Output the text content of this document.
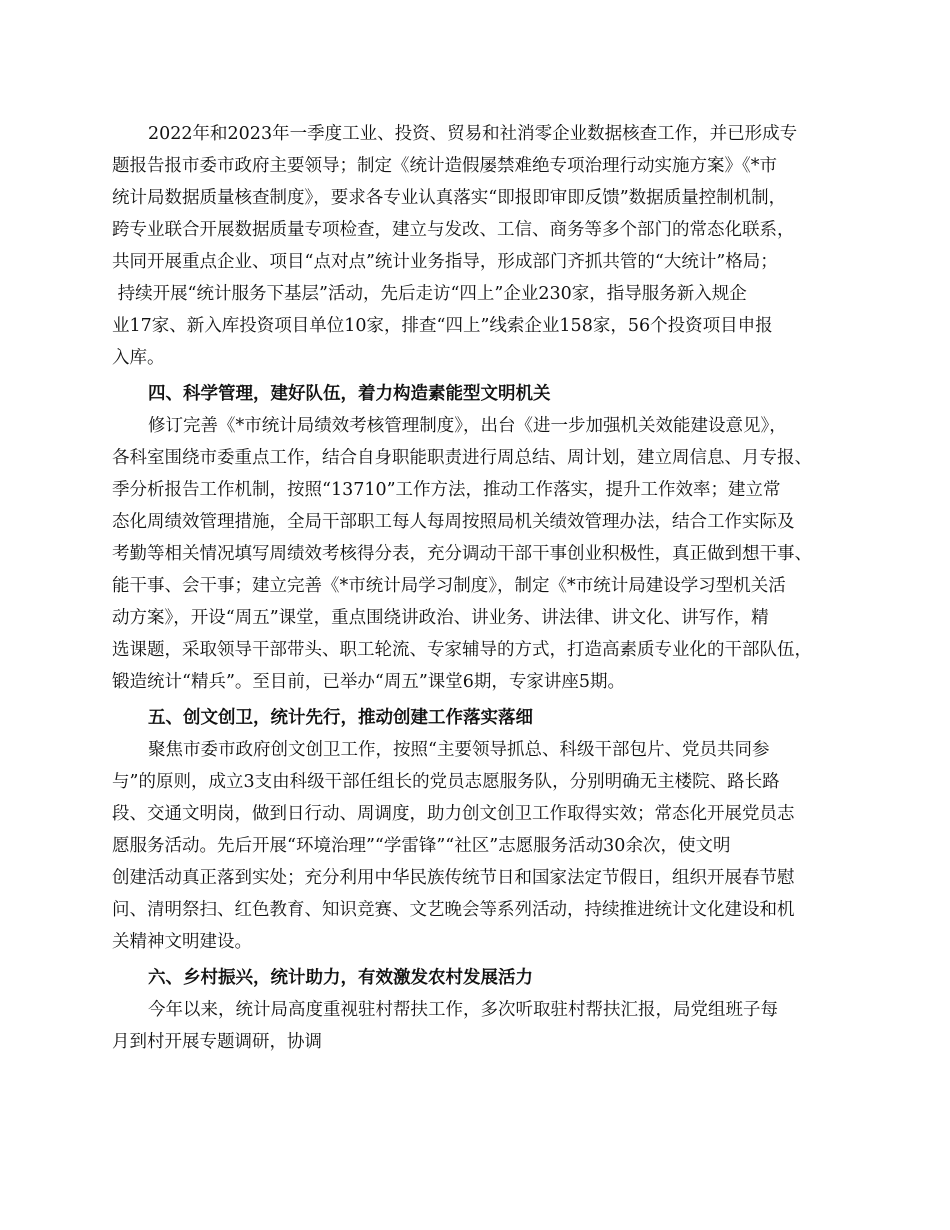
2022年和2023年一季度工业、投资、贸易和社消零企业数据核查工作，并已形成专
题报告报市委市政府主要领导；制定《统计造假屡禁难绝专项治理行动实施方案》《*市
统计局数据质量核查制度》，要求各专业认真落实“即报即审即反馈”数据质量控制机制，
跨专业联合开展数据质量专项检查，建立与发改、工信、商务等多个部门的常态化联系，
共同开展重点企业、项目“点对点”统计业务指导，形成部门齐抓共管的“大统计”格局；
持续开展“统计服务下基层”活动，先后走访“四上”企业230家，指导服务新入规企
业17家、新入库投资项目单位10家，排查“四上”线索企业158家，56个投资项目申报
入库。
四、科学管理，建好队伍，着力构造素能型文明机关
修订完善《*市统计局绩效考核管理制度》，出台《进一步加强机关效能建设意见》，
各科室围绕市委重点工作，结合自身职能职责进行周总结、周计划，建立周信息、月专报、
季分析报告工作机制，按照“13710”工作方法，推动工作落实，提升工作效率；建立常
态化周绩效管理措施，全局干部职工每人每周按照局机关绩效管理办法，结合工作实际及
考勤等相关情况填写周绩效考核得分表，充分调动干部干事创业积极性，真正做到想干事、
能干事、会干事；建立完善《*市统计局学习制度》，制定《*市统计局建设学习型机关活
动方案》，开设“周五”课堂，重点围绕讲政治、讲业务、讲法律、讲文化、讲写作，精
选课题，采取领导干部带头、职工轮流、专家辅导的方式，打造高素质专业化的干部队伍，
锻造统计“精兵”。至目前，已举办“周五”课堂6期，专家讲座5期。
五、创文创卫，统计先行，推动创建工作落实落细
聚焦市委市政府创文创卫工作，按照“主要领导抓总、科级干部包片、党员共同参
与”的原则，成立3支由科级干部任组长的党员志愿服务队，分别明确无主楼院、路长路
段、交通文明岗，做到日行动、周调度，助力创文创卫工作取得实效；常态化开展党员志
愿服务活动。先后开展“环境治理”“学雷锋”“社区”志愿服务活动30余次，使文明
创建活动真正落到实处；充分利用中华民族传统节日和国家法定节假日，组织开展春节慰
问、清明祭扫、红色教育、知识竞赛、文艺晚会等系列活动，持续推进统计文化建设和机
关精神文明建设。
六、乡村振兴，统计助力，有效激发农村发展活力
今年以来，统计局高度重视驻村帮扶工作，多次听取驻村帮扶汇报，局党组班子每
月到村开展专题调研，协调
